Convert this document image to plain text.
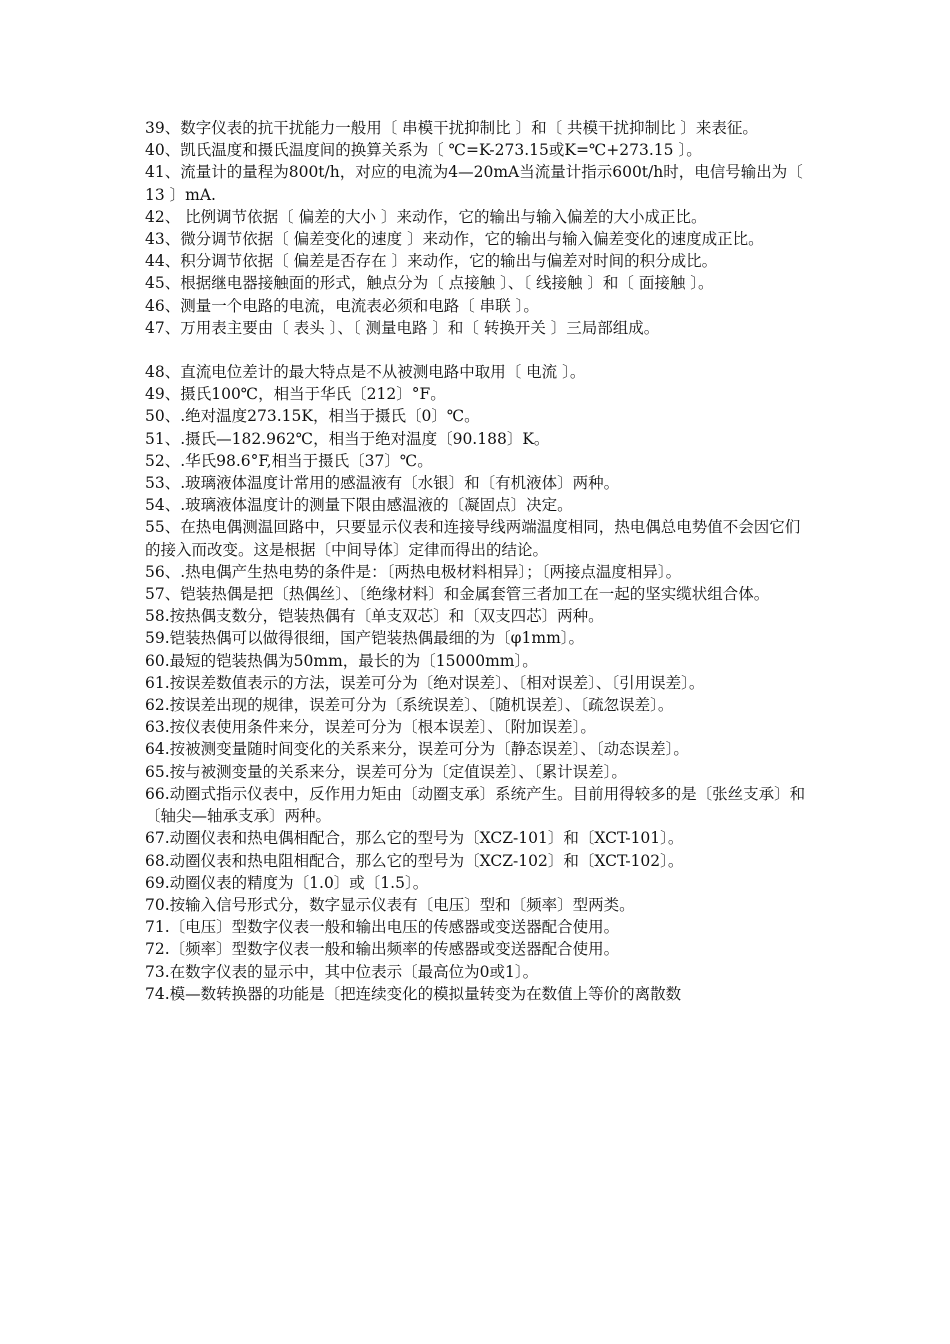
39、数字仪表的抗干扰能力一般用〔 串模干扰抑制比 〕和〔 共模干扰抑制比 〕来表征。

40、凯氏温度和摄氏温度间的换算关系为〔 ℃=K-273.15或K=℃+273.15 〕。

41、流量计的量程为800t/h，对应的电流为4—20mA当流量计指示600t/h时，电信号输出为〔 13 〕mA.

42、 比例调节依据〔 偏差的大小 〕来动作，它的输出与输入偏差的大小成正比。

43、微分调节依据〔 偏差变化的速度 〕来动作，它的输出与输入偏差变化的速度成正比。

44、积分调节依据〔 偏差是否存在 〕来动作，它的输出与偏差对时间的积分成比。

45、根据继电器接触面的形式，触点分为〔 点接触 〕、〔 线接触 〕和〔 面接触 〕。

46、测量一个电路的电流，电流表必须和电路〔 串联 〕。

47、万用表主要由〔 表头 〕、〔 测量电路 〕和〔 转换开关 〕三局部组成。

48、直流电位差计的最大特点是不从被测电路中取用〔 电流 〕。

49、摄氏100℃，相当于华氏〔212〕°F。

50、.绝对温度273.15K，相当于摄氏〔0〕℃。

51、.摄氏—182.962℃，相当于绝对温度〔90.188〕K。

52、.华氏98.6°F,相当于摄氏〔37〕℃。

53、.玻璃液体温度计常用的感温液有〔水银〕和〔有机液体〕两种。

54、.玻璃液体温度计的测量下限由感温液的〔凝固点〕决定。

55、在热电偶测温回路中，只要显示仪表和连接导线两端温度相同，热电偶总电势值不会因它们的接入而改变。这是根据〔中间导体〕定律而得出的结论。

56、.热电偶产生热电势的条件是：〔两热电极材料相异〕；〔两接点温度相异〕。

57、铠装热偶是把〔热偶丝〕、〔绝缘材料〕和金属套管三者加工在一起的坚实缆状组合体。

58.按热偶支数分，铠装热偶有〔单支双芯〕和〔双支四芯〕两种。

59.铠装热偶可以做得很细，国产铠装热偶最细的为〔φ1mm〕。

60.最短的铠装热偶为50mm，最长的为〔15000mm〕。

61.按误差数值表示的方法，误差可分为〔绝对误差〕、〔相对误差〕、〔引用误差〕。

62.按误差出现的规律，误差可分为〔系统误差〕、〔随机误差〕、〔疏忽误差〕。

63.按仪表使用条件来分，误差可分为〔根本误差〕、〔附加误差〕。

64.按被测变量随时间变化的关系来分，误差可分为〔静态误差〕、〔动态误差〕。

65.按与被测变量的关系来分，误差可分为〔定值误差〕、〔累计误差〕。

66.动圈式指示仪表中，反作用力矩由〔动圈支承〕系统产生。目前用得较多的是〔张丝支承〕和〔轴尖—轴承支承〕两种。

67.动圈仪表和热电偶相配合，那么它的型号为〔XCZ-101〕和〔XCT-101〕。

68.动圈仪表和热电阻相配合，那么它的型号为〔XCZ-102〕和〔XCT-102〕。

69.动圈仪表的精度为〔1.0〕或〔1.5〕。

70.按输入信号形式分，数字显示仪表有〔电压〕型和〔频率〕型两类。

71.〔电压〕型数字仪表一般和输出电压的传感器或变送器配合使用。

72.〔频率〕型数字仪表一般和输出频率的传感器或变送器配合使用。

73.在数字仪表的显示中，其中位表示〔最高位为0或1〕。

74.模—数转换器的功能是〔把连续变化的模拟量转变为在数值上等价的离散数
